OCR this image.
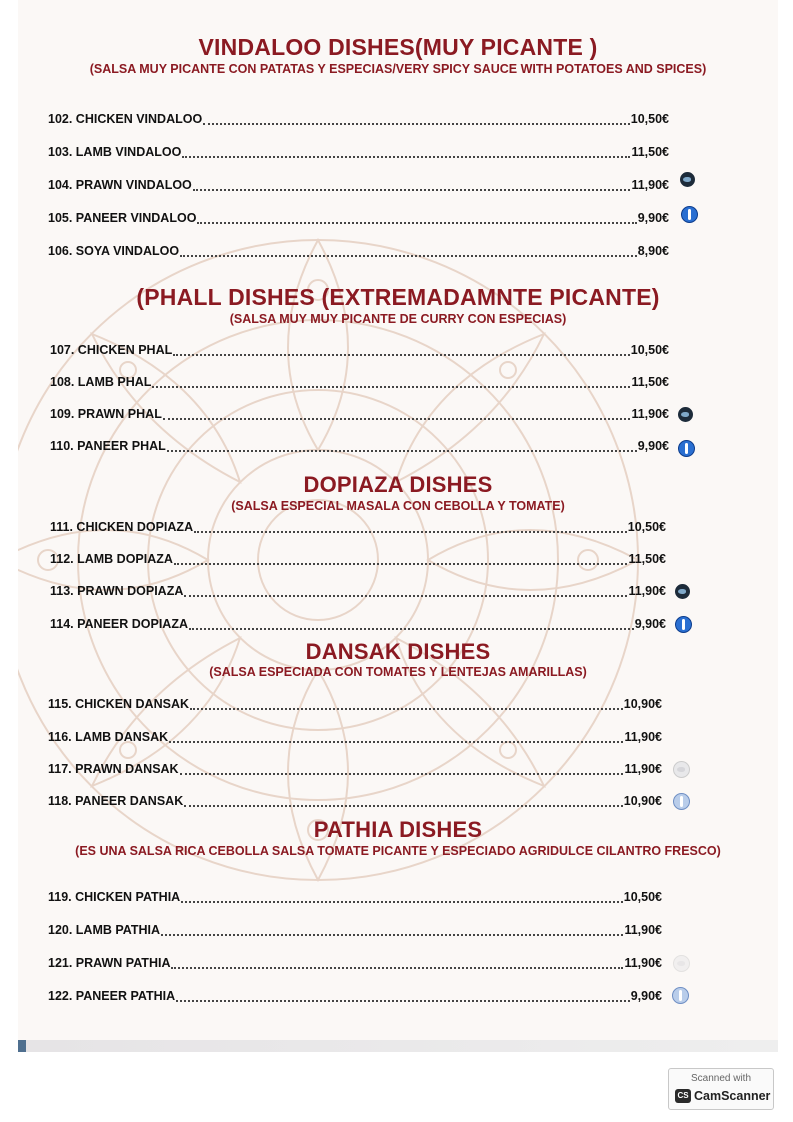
VINDALOO DISHES(MUY PICANTE )
(SALSA MUY PICANTE CON PATATAS Y ESPECIAS/VERY SPICY SAUCE WITH POTATOES AND SPICES)
102. CHICKEN VINDALOO	10,50€
103. LAMB VINDALOO	11,50€
104. PRAWN VINDALOO	11,90€
105. PANEER VINDALOO	9,90€
106. SOYA VINDALOO	8,90€
(PHALL DISHES (EXTREMADAMNTE PICANTE)
(SALSA MUY MUY PICANTE DE CURRY CON ESPECIAS)
107. CHICKEN PHAL	10,50€
108. LAMB PHAL	11,50€
109. PRAWN PHAL	11,90€
110. PANEER PHAL	9,90€
DOPIAZA DISHES
(SALSA ESPECIAL MASALA CON CEBOLLA Y TOMATE)
111. CHICKEN DOPIAZA	10,50€
112. LAMB DOPIAZA	11,50€
113. PRAWN DOPIAZA	11,90€
114. PANEER DOPIAZA	9,90€
DANSAK DISHES
(SALSA ESPECIADA CON TOMATES Y LENTEJAS AMARILLAS)
115. CHICKEN DANSAK	10,90€
116. LAMB DANSAK	11,90€
117. PRAWN DANSAK	11,90€
118. PANEER DANSAK	10,90€
PATHIA DISHES
(ES UNA SALSA RICA CEBOLLA SALSA TOMATE PICANTE Y ESPECIADO AGRIDULCE CILANTRO FRESCO)
119. CHICKEN PATHIA	10,50€
120. LAMB PATHIA	11,90€
121. PRAWN PATHIA	11,90€
122. PANEER PATHIA	9,90€
Scanned with
CS CamScanner
